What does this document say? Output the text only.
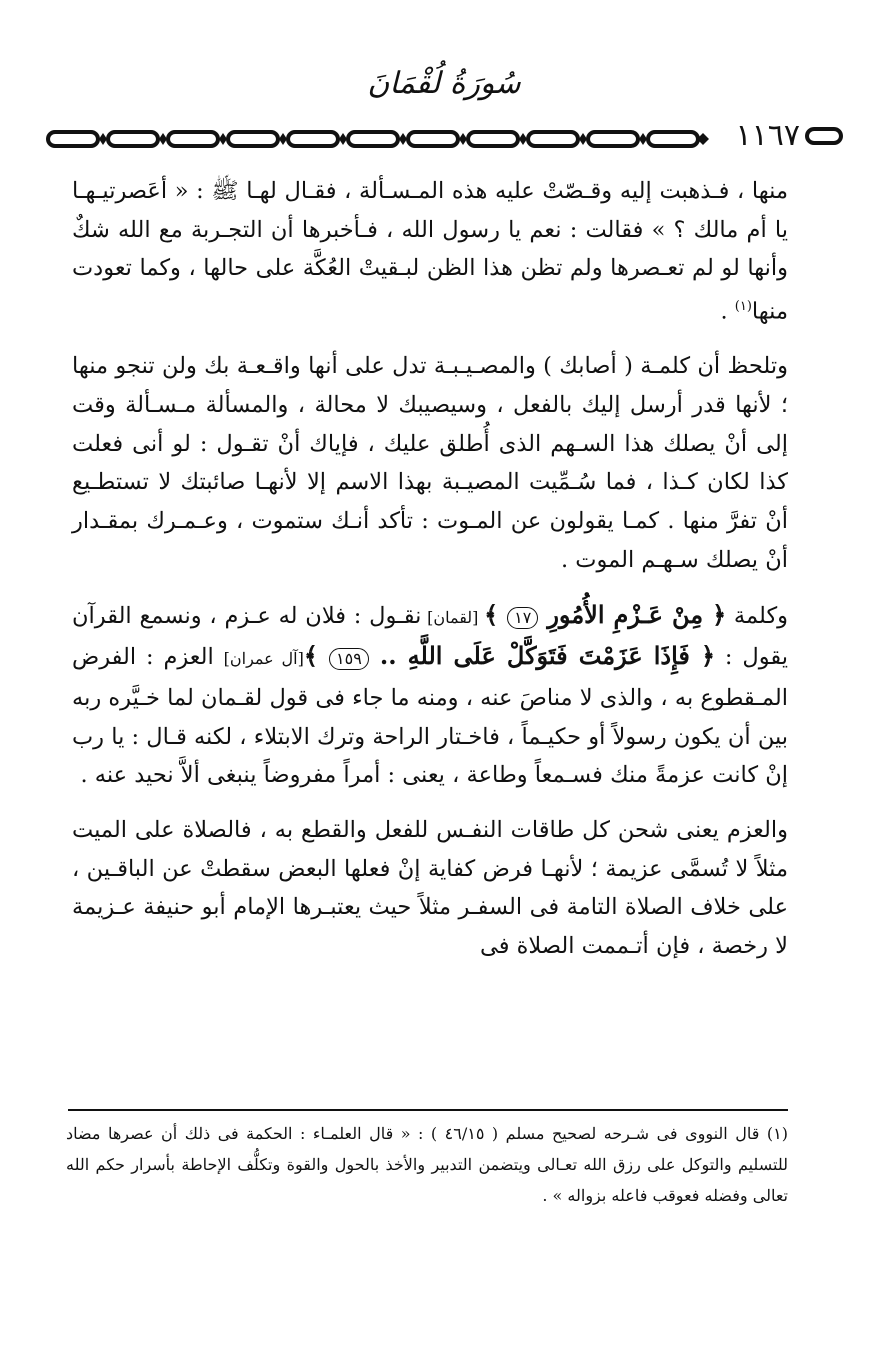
سُورَةُ لُقْمَانَ
١١٦٧

منها ، فـذهبت إليه وقـصّتْ عليه هذه المـسـألة ، فقـال لهـا ﷺ : « أعَصرتيـهـا يا أم مالك ؟ » فقالت : نعم يا رسول الله ، فـأخبرها أن التجـربة مع الله شكٌ وأنها لو لم تعـصرها ولم تظن هذا الظن لبـقيتْ العُكَّة على حالها ، وكما تعودت منها$^{(١)}$ .

وتلحظ أن كلمـة ( أصابك ) والمصـيـبـة تدل على أنها واقـعـة بك ولن تنجو منها ؛ لأنها قدر أرسل إليك بالفعل ، وسيصيبك لا محالة ، والمسألة مـسـألة وقت إلى أنْ يصلك هذا السـهم الذى أُطلق عليك ، فإياك أنْ تقـول : لو أنى فعلت كذا لكان كـذا ، فما سُـمِّيت المصيـبة بهذا الاسم إلا لأنهـا صائبتك لا تستطـيع أنْ تفرَّ منها . كمـا يقولون عن المـوت : تأكد أنـك ستموت ، وعـمـرك بمقـدار أنْ يصلك سـهـم الموت .

وكلمة ﴿ مِنْ عَـزْمِ الأُمُورِ ١٧ ﴾ [لقمان] نقـول : فلان له عـزم ، ونسمع القرآن يقول : ﴿ فَإِذَا عَزَمْتَ فَتَوَكَّلْ عَلَى اللَّهِ .. ١٥٩ ﴾[آل عمران] العزم : الفرض المـقطوع به ، والذى لا مناصَ عنه ، ومنه ما جاء فى قول لقـمان لما خـيَّره ربه بين أن يكون رسولاً أو حكيـماً ، فاخـتار الراحة وترك الابتلاء ، لكنه قـال : يا رب إنْ كانت عزمةً منك فسـمعاً وطاعة ، يعنى : أمراً مفروضاً ينبغى ألاَّ نحيد عنه .

والعزم يعنى شحن كل طاقات النفـس للفعل والقطع به ، فالصلاة على الميت مثلاً لا تُسمَّى عزيمة ؛ لأنهـا فرض كفاية إنْ فعلها البعض سقطتْ عن الباقـين ، على خلاف الصلاة التامة فى السفـر مثلاً حيث يعتبـرها الإمام أبو حنيفة عـزيمة لا رخصة ، فإن أتـممت الصلاة فى

(١) قال النووى فى شـرحه لصحيح مسلم ( ٤٦/١٥ ) : « قال العلمـاء : الحكمة فى ذلك أن عصرها مضاد للتسليم والتوكل على رزق الله تعـالى ويتضمن التدبير والأخذ بالحول والقوة وتكلُّف الإحاطة بأسرار حكم الله تعالى وفضله فعوقب فاعله بزواله » .
